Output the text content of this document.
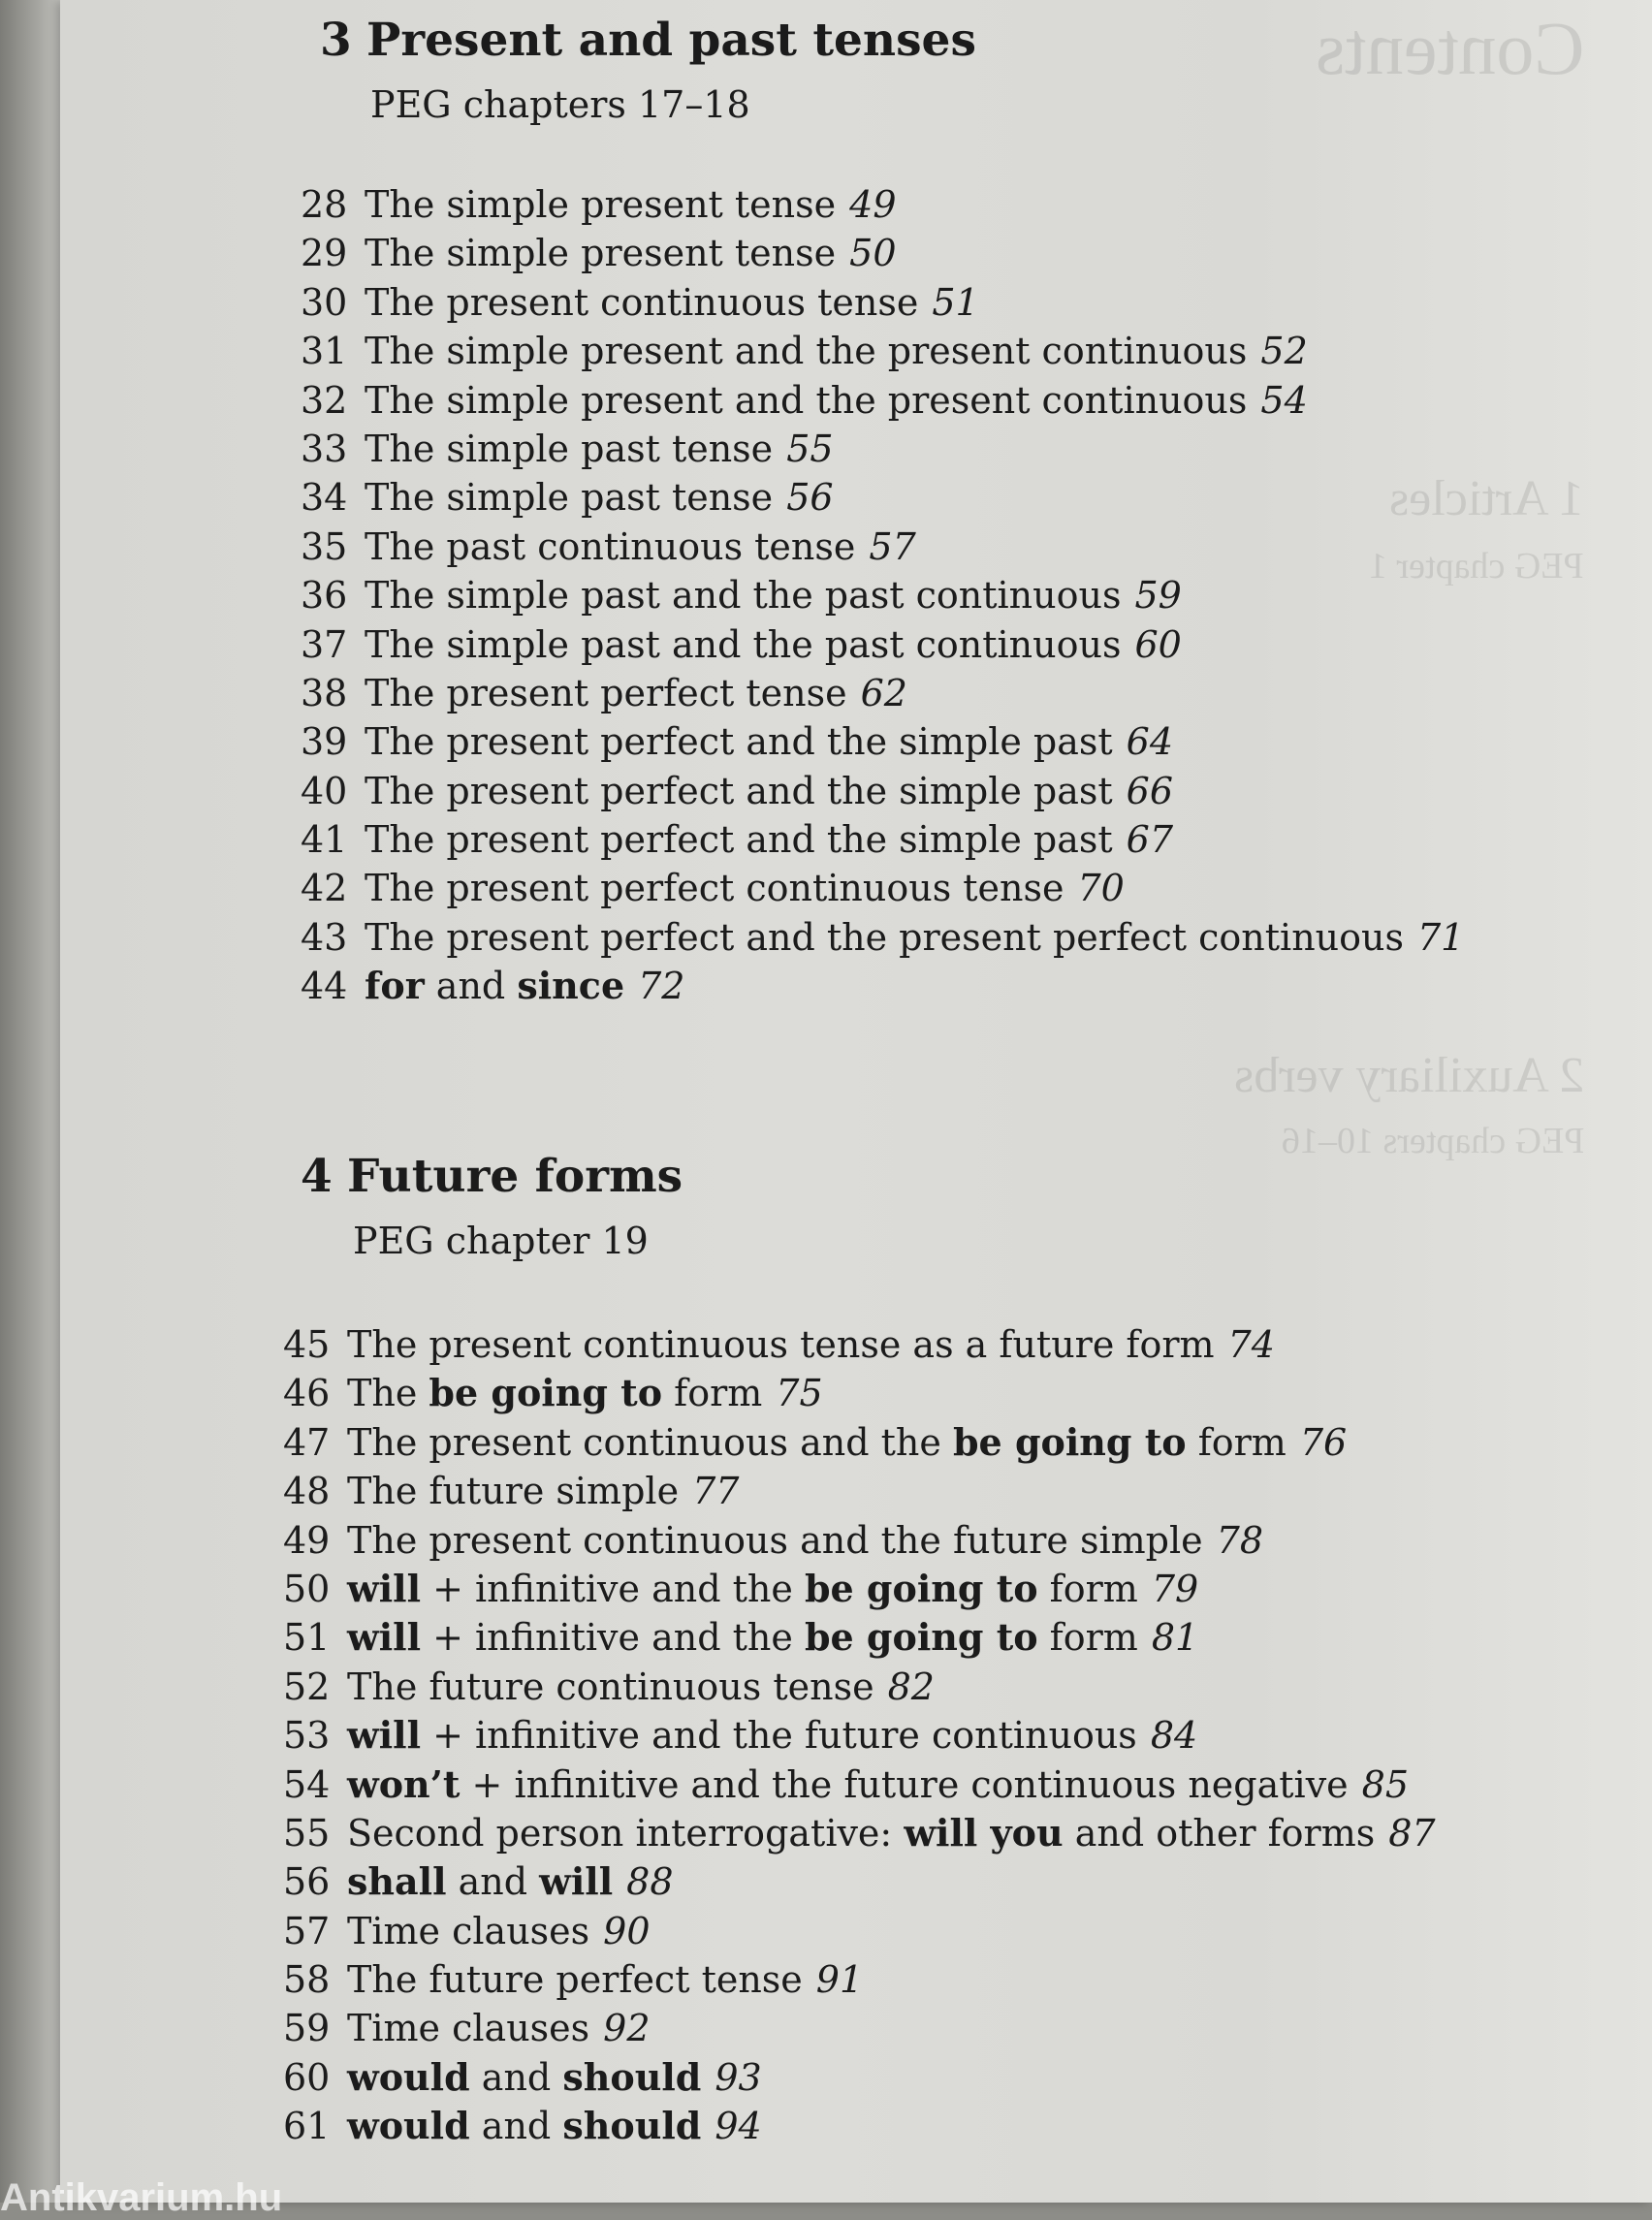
Contents
1 Articles
PEG chapter 1
2 Auxiliary verbs
PEG chapters 10–16
3 Present and past tenses
PEG chapters 17–18
28 The simple present tense 49
29 The simple present tense 50
30 The present continuous tense 51
31 The simple present and the present continuous 52
32 The simple present and the present continuous 54
33 The simple past tense 55
34 The simple past tense 56
35 The past continuous tense 57
36 The simple past and the past continuous 59
37 The simple past and the past continuous 60
38 The present perfect tense 62
39 The present perfect and the simple past 64
40 The present perfect and the simple past 66
41 The present perfect and the simple past 67
42 The present perfect continuous tense 70
43 The present perfect and the present perfect continuous 71
44 for and since 72
4 Future forms
PEG chapter 19
45 The present continuous tense as a future form 74
46 The be going to form 75
47 The present continuous and the be going to form 76
48 The future simple 77
49 The present continuous and the future simple 78
50 will + infinitive and the be going to form 79
51 will + infinitive and the be going to form 81
52 The future continuous tense 82
53 will + infinitive and the future continuous 84
54 won’t + infinitive and the future continuous negative 85
55 Second person interrogative: will you and other forms 87
56 shall and will 88
57 Time clauses 90
58 The future perfect tense 91
59 Time clauses 92
60 would and should 93
61 would and should 94
Antikvarium.hu
